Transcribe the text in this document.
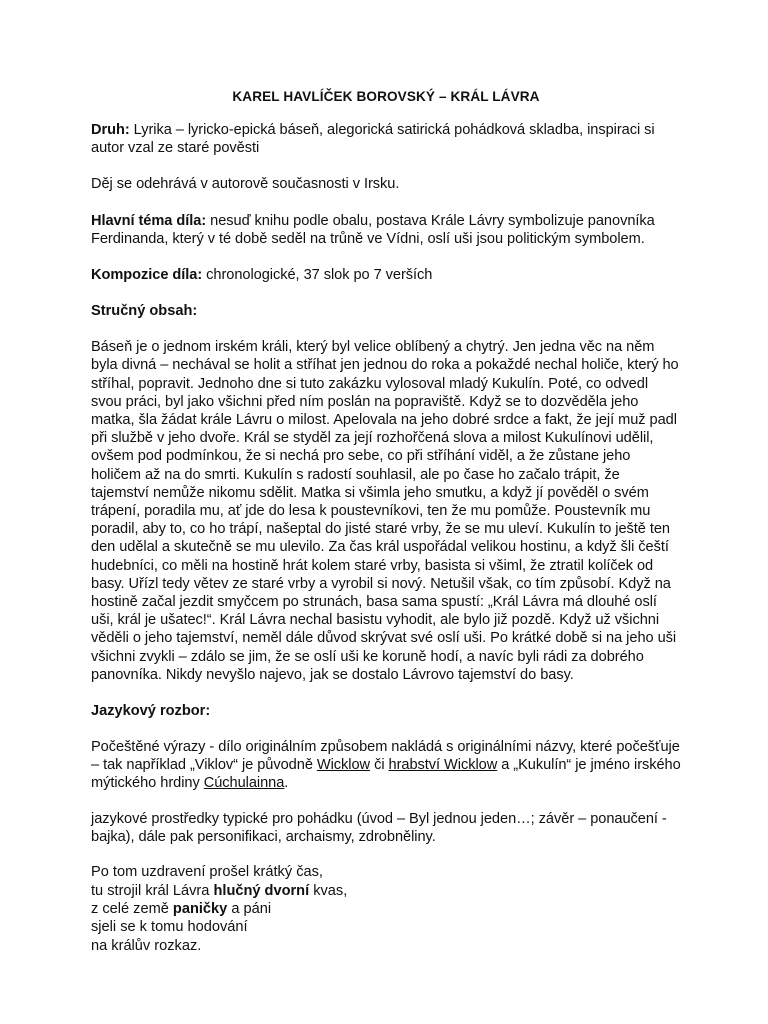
KAREL HAVLÍČEK BOROVSKÝ – KRÁL LÁVRA
Druh: Lyrika – lyricko-epická báseň, alegorická satirická pohádková skladba, inspiraci si autor vzal ze staré pověsti
Děj se odehrává v autorově současnosti v Irsku.
Hlavní téma díla: nesuď knihu podle obalu, postava Krále Lávry symbolizuje panovníka Ferdinanda, který v té době seděl na trůně ve Vídni, oslí uši jsou politickým symbolem.
Kompozice díla: chronologické, 37 slok po 7 verších
Stručný obsah:
Báseň je o jednom irském králi, který byl velice oblíbený a chytrý. Jen jedna věc na něm byla divná – nechával se holit a stříhat jen jednou do roka a pokaždé nechal holiče, který ho stříhal, popravit. Jednoho dne si tuto zakázku vylosoval mladý Kukulín. Poté, co odvedl svou práci, byl jako všichni před ním poslán na popraviště. Když se to dozvěděla jeho matka, šla žádat krále Lávru o milost. Apelovala na jeho dobré srdce a fakt, že její muž padl při službě v jeho dvoře. Král se styděl za její rozhořčená slova a milost Kukulínovi udělil, ovšem pod podmínkou, že si nechá pro sebe, co při stříhání viděl, a že zůstane jeho holičem až na do smrti. Kukulín s radostí souhlasil, ale po čase ho začalo trápit, že tajemství nemůže nikomu sdělit. Matka si všimla jeho smutku, a když jí pověděl o svém trápení, poradila mu, ať jde do lesa k poustevníkovi, ten že mu pomůže. Poustevník mu poradil, aby to, co ho trápí, našeptal do jisté staré vrby, že se mu uleví. Kukulín to ještě ten den udělal a skutečně se mu ulevilo. Za čas král uspořádal velikou hostinu, a když šli čeští hudebníci, co měli na hostině hrát kolem staré vrby, basista si všiml, že ztratil kolíček od basy. Uřízl tedy větev ze staré vrby a vyrobil si nový. Netušil však, co tím způsobí. Když na hostině začal jezdit smyčcem po strunách, basa sama spustí: „Král Lávra má dlouhé oslí uši, král je ušatec!“. Král Lávra nechal basistu vyhodit, ale bylo již pozdě. Když už všichni věděli o jeho tajemství, neměl dále důvod skrývat své oslí uši. Po krátké době si na jeho uši všichni zvykli – zdálo se jim, že se oslí uši ke koruně hodí, a navíc byli rádi za dobrého panovníka. Nikdy nevyšlo najevo, jak se dostalo Lávrovo tajemství do basy.
Jazykový rozbor:
Počeštěné výrazy - dílo originálním způsobem nakládá s originálními názvy, které počešťuje – tak například „Viklov“ je původně Wicklow či hrabství Wicklow a „Kukulín“ je jméno irského mýtického hrdiny Cúchulainna.
jazykové prostředky typické pro pohádku (úvod – Byl jednou jeden…; závěr – ponaučení - bajka), dále pak personifikaci, archaismy, zdrobněliny.
Po tom uzdravení prošel krátký čas,
tu strojil král Lávra hlučný dvorní kvas,
z celé země paničky a páni
sjeli se k tomu hodování
na králův rozkaz.
